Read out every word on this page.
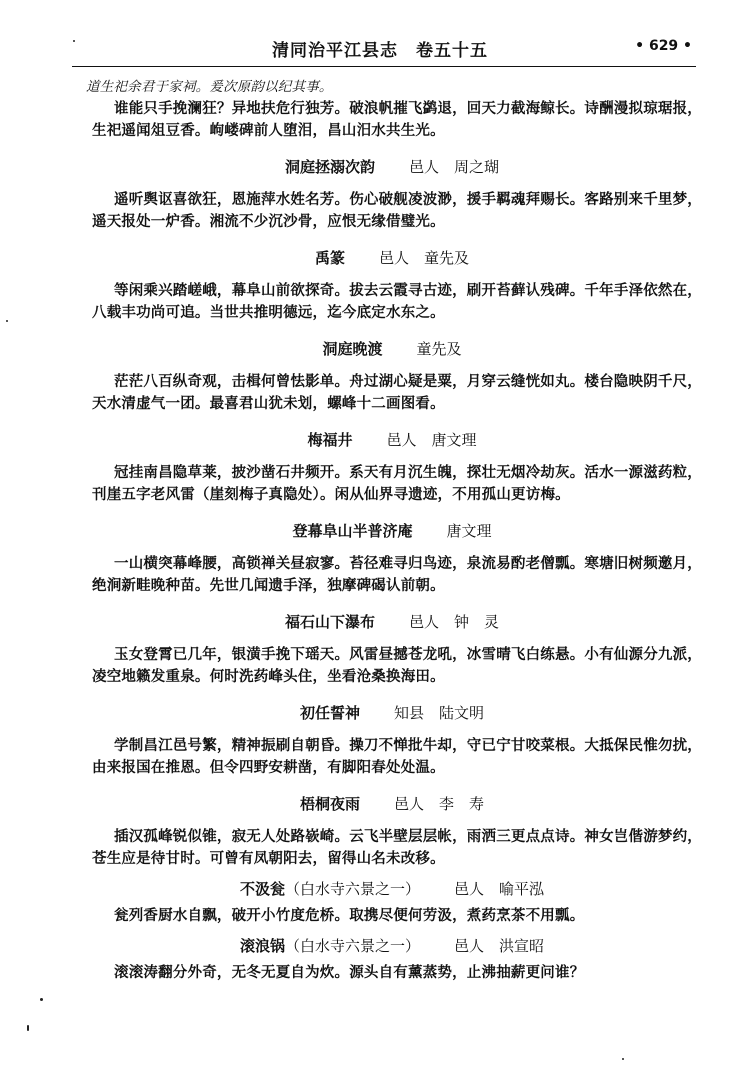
清同治平江县志　卷五十五	• 629 •
道生祀余君于家祠。爰次原韵以纪其事。
谁能只手挽澜狂？异地扶危行独芳。破浪帆摧飞鹢退，回天力截海鲸长。诗酬漫拟琼琚报，
生祀遥闻俎豆香。岣嵝碑前人堕泪，昌山汨水共生光。
洞庭拯溺次韵 邑人　周之瑚
遥听舆讴喜欲狂，恩施萍水姓名芳。伤心破舰凌波渺，援手羁魂拜赐长。客路别来千里梦，
遥天报处一炉香。湘流不少沉沙骨，应恨无缘借璧光。
禹篆 邑人　童先及
等闲乘兴踏嵯峨，幕阜山前欲探奇。拔去云霞寻古迹，刷开苔藓认残碑。千年手泽依然在，
八载丰功尚可追。当世共推明德远，迄今底定水东之。
洞庭晚渡 童先及
茫茫八百纵奇观，击楫何曾怯影单。舟过湖心疑是粟，月穿云缝恍如丸。楼台隐映阴千尺，
天水清虚气一团。最喜君山犹未划，螺峰十二画图看。
梅福井 邑人　唐文理
冠挂南昌隐草莱，披沙凿石井频开。系天有月沉生魄，探壮无烟冷劫灰。活水一源滋药粒，
刊崖五字老风雷（崖刻梅子真隐处）。闲从仙界寻遗迹，不用孤山更访梅。
登幕阜山半普济庵 唐文理
一山横突幕峰腰，高锁禅关昼寂寥。苔径难寻归鸟迹，泉流易酌老僧瓢。寒塘旧树频邀月，
绝涧新畦晚种苗。先世几闻遗手泽，独摩碑碣认前朝。
福石山下瀑布 邑人　钟　灵
玉女登霄已几年，银潢手挽下瑶天。风雷昼撼苍龙吼，冰雪晴飞白练悬。小有仙源分九派，
凌空地籁发重泉。何时洗药峰头住，坐看沧桑换海田。
初任誓神 知县　陆文明
学制昌江邑号繁，精神振刷自朝昏。操刀不惮批牛却，守已宁甘咬菜根。大抵保民惟勿扰，
由来报国在推恩。但令四野安耕凿，有脚阳春处处温。
梧桐夜雨 邑人　李　寿
插汉孤峰锐似锥，寂无人处路嵚崎。云飞半壁层层帐，雨洒三更点点诗。神女岂偕游梦约，
苍生应是待甘时。可曾有凤朝阳去，留得山名未改移。
不汲瓮（白水寺六景之一） 邑人　喻平泓
瓮列香厨水自飘，破开小竹度危桥。取携尽便何劳汲，煮药烹茶不用瓢。
滚浪锅（白水寺六景之一） 邑人　洪宣昭
滚滚涛翻分外奇，无冬无夏自为炊。源头自有薰蒸势，止沸抽薪更问谁？
